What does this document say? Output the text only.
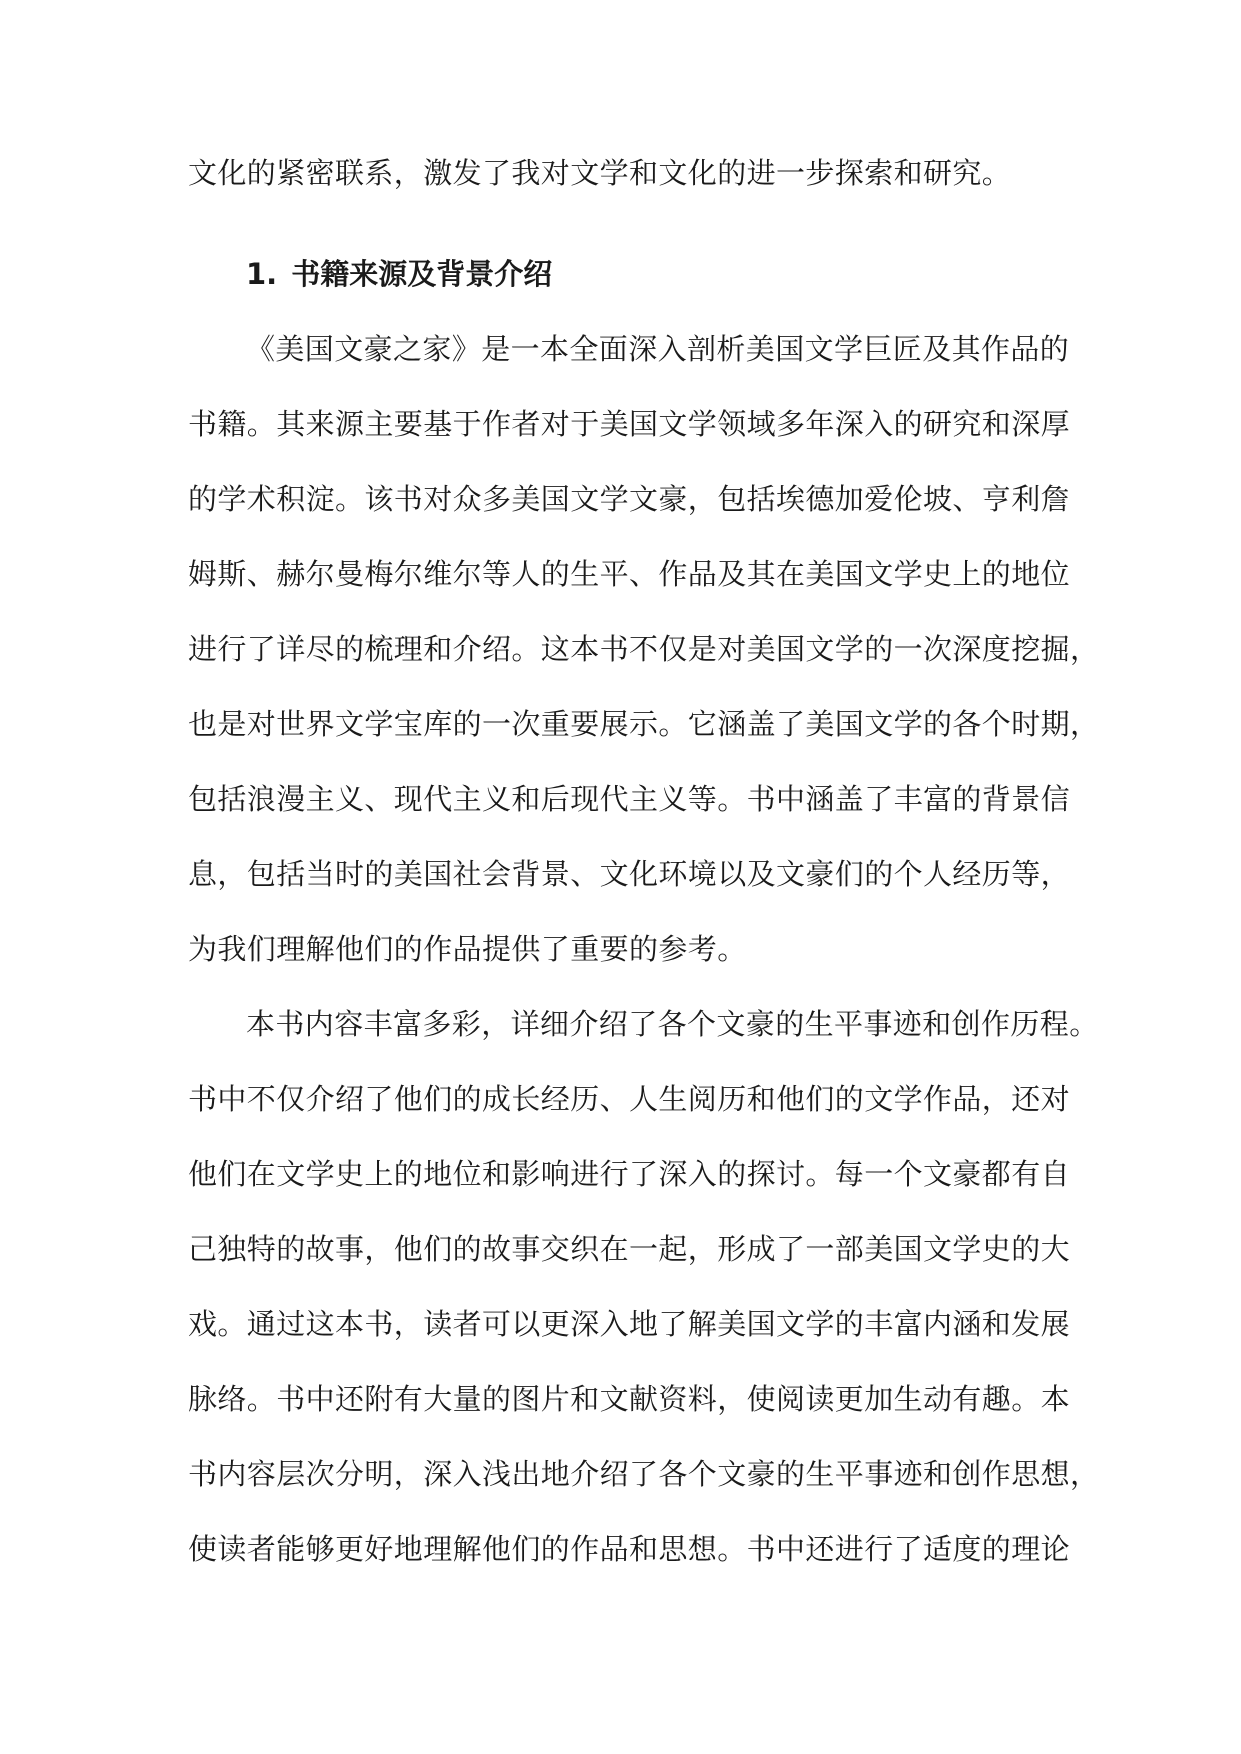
文化的紧密联系，激发了我对文学和文化的进一步探索和研究。
1. 书籍来源及背景介绍
《美国文豪之家》是一本全面深入剖析美国文学巨匠及其作品的
书籍。其来源主要基于作者对于美国文学领域多年深入的研究和深厚
的学术积淀。该书对众多美国文学文豪，包括埃德加爱伦坡、亨利詹
姆斯、赫尔曼梅尔维尔等人的生平、作品及其在美国文学史上的地位
进行了详尽的梳理和介绍。这本书不仅是对美国文学的一次深度挖掘，
也是对世界文学宝库的一次重要展示。它涵盖了美国文学的各个时期，
包括浪漫主义、现代主义和后现代主义等。书中涵盖了丰富的背景信
息，包括当时的美国社会背景、文化环境以及文豪们的个人经历等，
为我们理解他们的作品提供了重要的参考。
本书内容丰富多彩，详细介绍了各个文豪的生平事迹和创作历程。
书中不仅介绍了他们的成长经历、人生阅历和他们的文学作品，还对
他们在文学史上的地位和影响进行了深入的探讨。每一个文豪都有自
己独特的故事，他们的故事交织在一起，形成了一部美国文学史的大
戏。通过这本书，读者可以更深入地了解美国文学的丰富内涵和发展
脉络。书中还附有大量的图片和文献资料，使阅读更加生动有趣。本
书内容层次分明，深入浅出地介绍了各个文豪的生平事迹和创作思想，
使读者能够更好地理解他们的作品和思想。书中还进行了适度的理论
